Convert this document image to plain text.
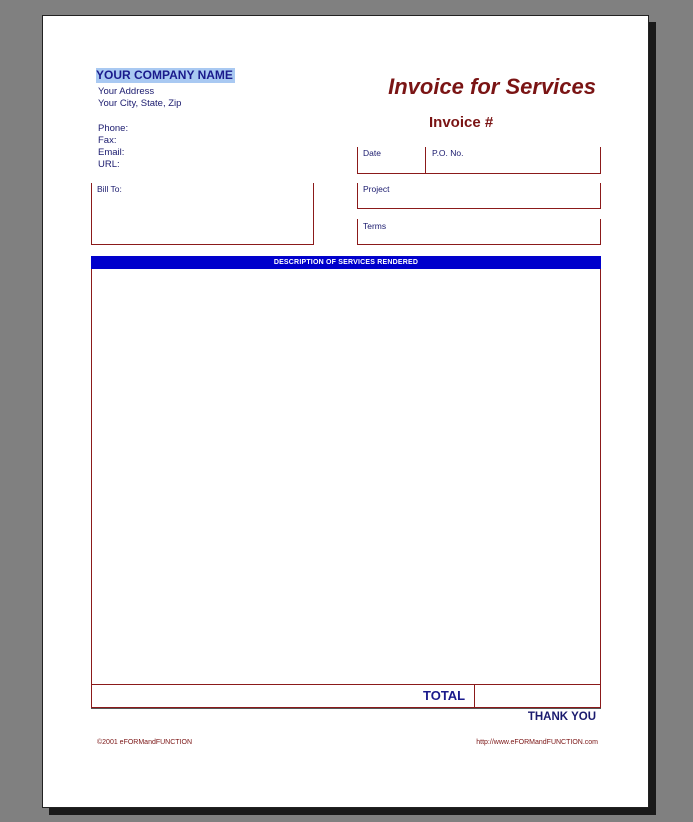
YOUR COMPANY NAME
Your Address
Your City, State, Zip
Phone:
Fax:
Email:
URL:
Invoice for Services
Invoice #
Date	P.O. No.
Project
Bill To:
Terms
DESCRIPTION OF SERVICES RENDERED
TOTAL
THANK YOU
©2001 eFORMandFUNCTION	http://www.eFORMandFUNCTION.com
